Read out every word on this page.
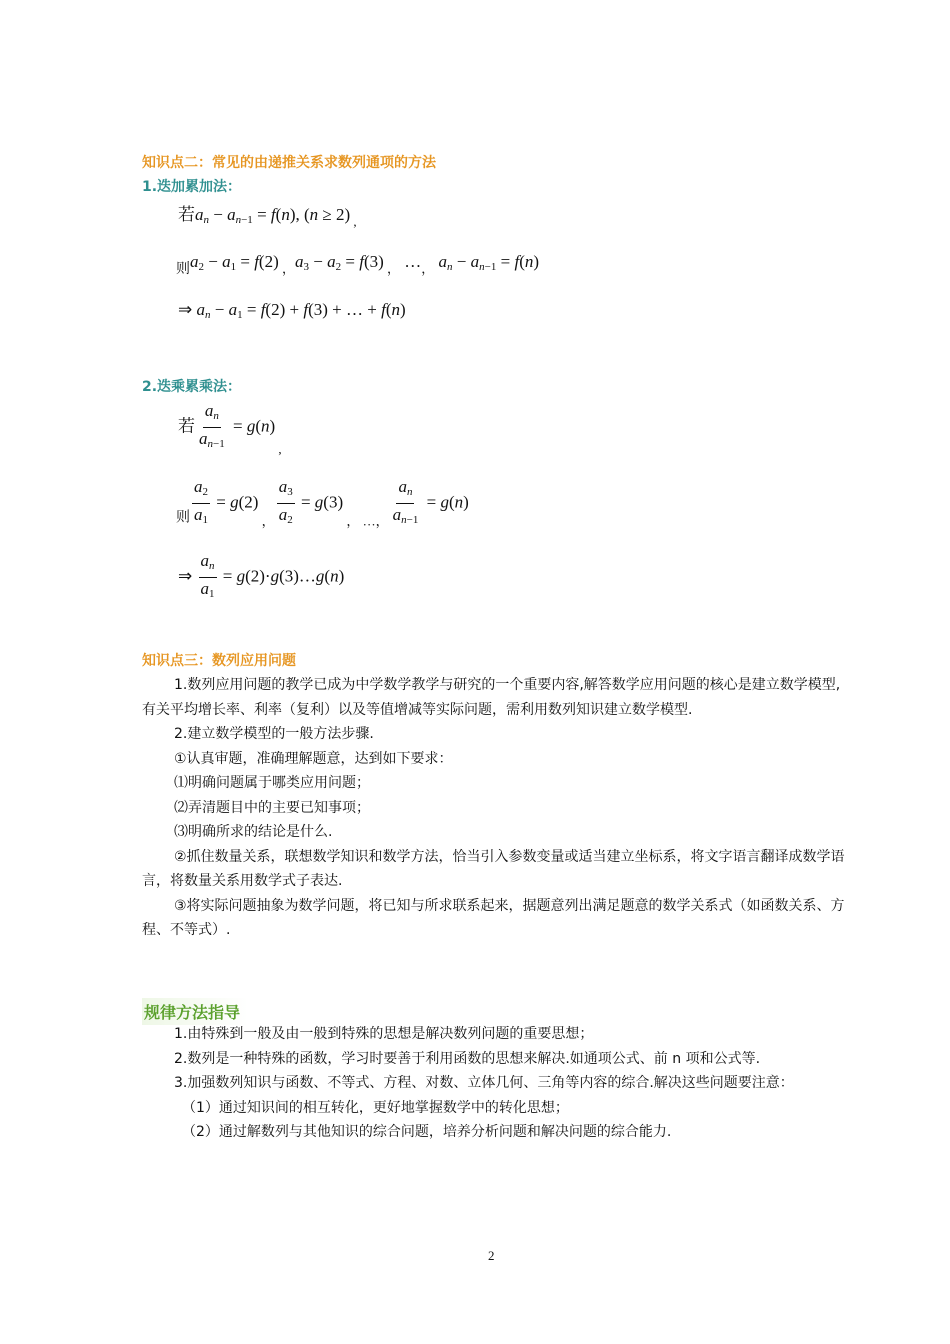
知识点二：常见的由递推关系求数列通项的方法
1.迭加累加法：
若$a_n - a_{n-1} = f(n)$, (n ≥ 2) $_,$
$_则a_2 - a_1 = f(2) _,a_3 - a_2 = f(3)$ $_,$ $\dots_,$ $a_n - a_{n-1} = f(n)$
⇒ $a_n - a_1 = f(2) + f(3)$ + … + f(n)
2.迭乘累乘法：
若 $\frac{a_n}{a_{n-1}} = g(n)$ $_,$
$_则 \frac{a_2}{a_1} = g(2)$ $_, \frac{a_3}{a_2} = g(3)$ $_{, \dots,} \frac{a_n}{a_{n-1}} = g(n)$
⇒ $\frac{a_n}{a_1}$ = g(2)·g(3)…g(n)
知识点三：数列应用问题

1.数列应用问题的教学已成为中学数学教学与研究的一个重要内容,解答数学应用问题的核心是建立数学模型,有关平均增长率、利率（复利）以及等值增减等实际问题，需利用数列知识建立数学模型.

2.建立数学模型的一般方法步骤.

①认真审题，准确理解题意，达到如下要求：

⑴明确问题属于哪类应用问题；

⑵弄清题目中的主要已知事项；

⑶明确所求的结论是什么.

②抓住数量关系，联想数学知识和数学方法，恰当引入参数变量或适当建立坐标系，将文字语言翻译成数学语言，将数量关系用数学式子表达.

③将实际问题抽象为数学问题，将已知与所求联系起来，据题意列出满足题意的数学关系式（如函数关系、方程、不等式）.

规律方法指导

1.由特殊到一般及由一般到特殊的思想是解决数列问题的重要思想；

2.数列是一种特殊的函数，学习时要善于利用函数的思想来解决.如通项公式、前 n 项和公式等.

3.加强数列知识与函数、不等式、方程、对数、立体几何、三角等内容的综合.解决这些问题要注意：

（1）通过知识间的相互转化，更好地掌握数学中的转化思想；

（2）通过解数列与其他知识的综合问题，培养分析问题和解决问题的综合能力.

2
